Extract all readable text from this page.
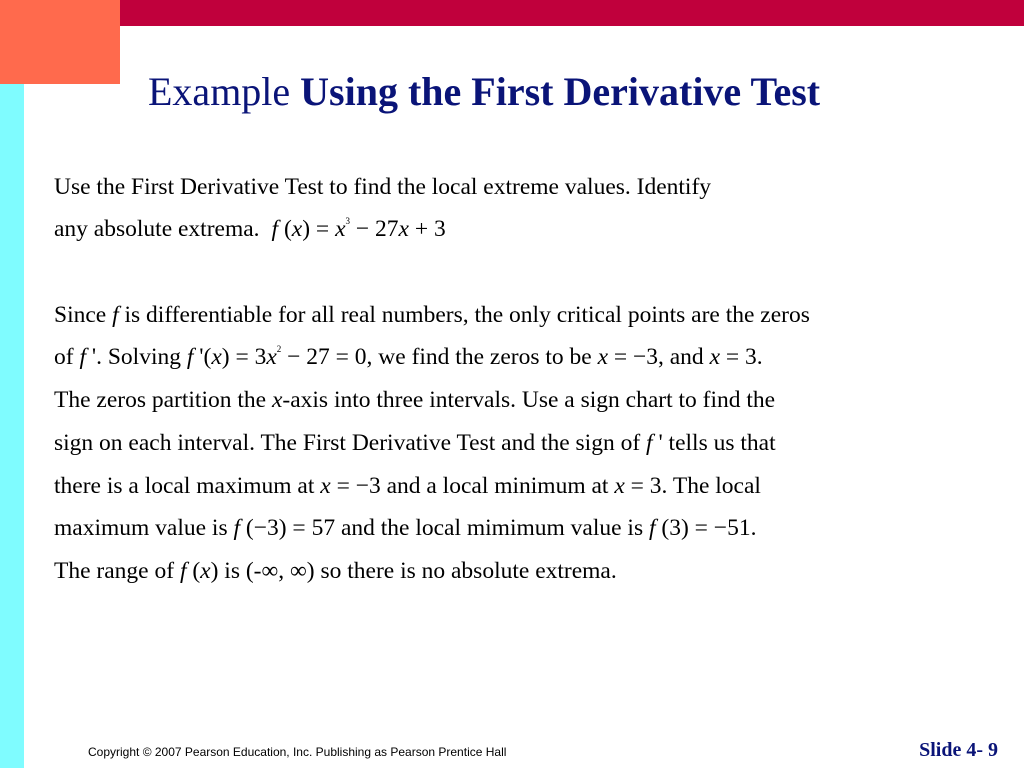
Example Using the First Derivative Test
Use the First Derivative Test to find the local extreme values. Identify
any absolute extrema. f $(x) = x^3 - 27x + 3$
Since f is differentiable for all real numbers, the only critical points are the zeros
of f '. Solving f '$(x) = 3x^2 - 27 = 0$, we find the zeros to be x = −3, and x = 3.
The zeros partition the x-axis into three intervals. Use a sign chart to find the
sign on each interval. The First Derivative Test and the sign of f ' tells us that
there is a local maximum at x = −3 and a local minimum at x = 3. The local
maximum value is f (−3) = 57 and the local mimimum value is f (3) = −51.
The range of f (x) is (-∞, ∞) so there is no absolute extrema.
Copyright © 2007 Pearson Education, Inc. Publishing as Pearson Prentice Hall	Slide 4- 9
